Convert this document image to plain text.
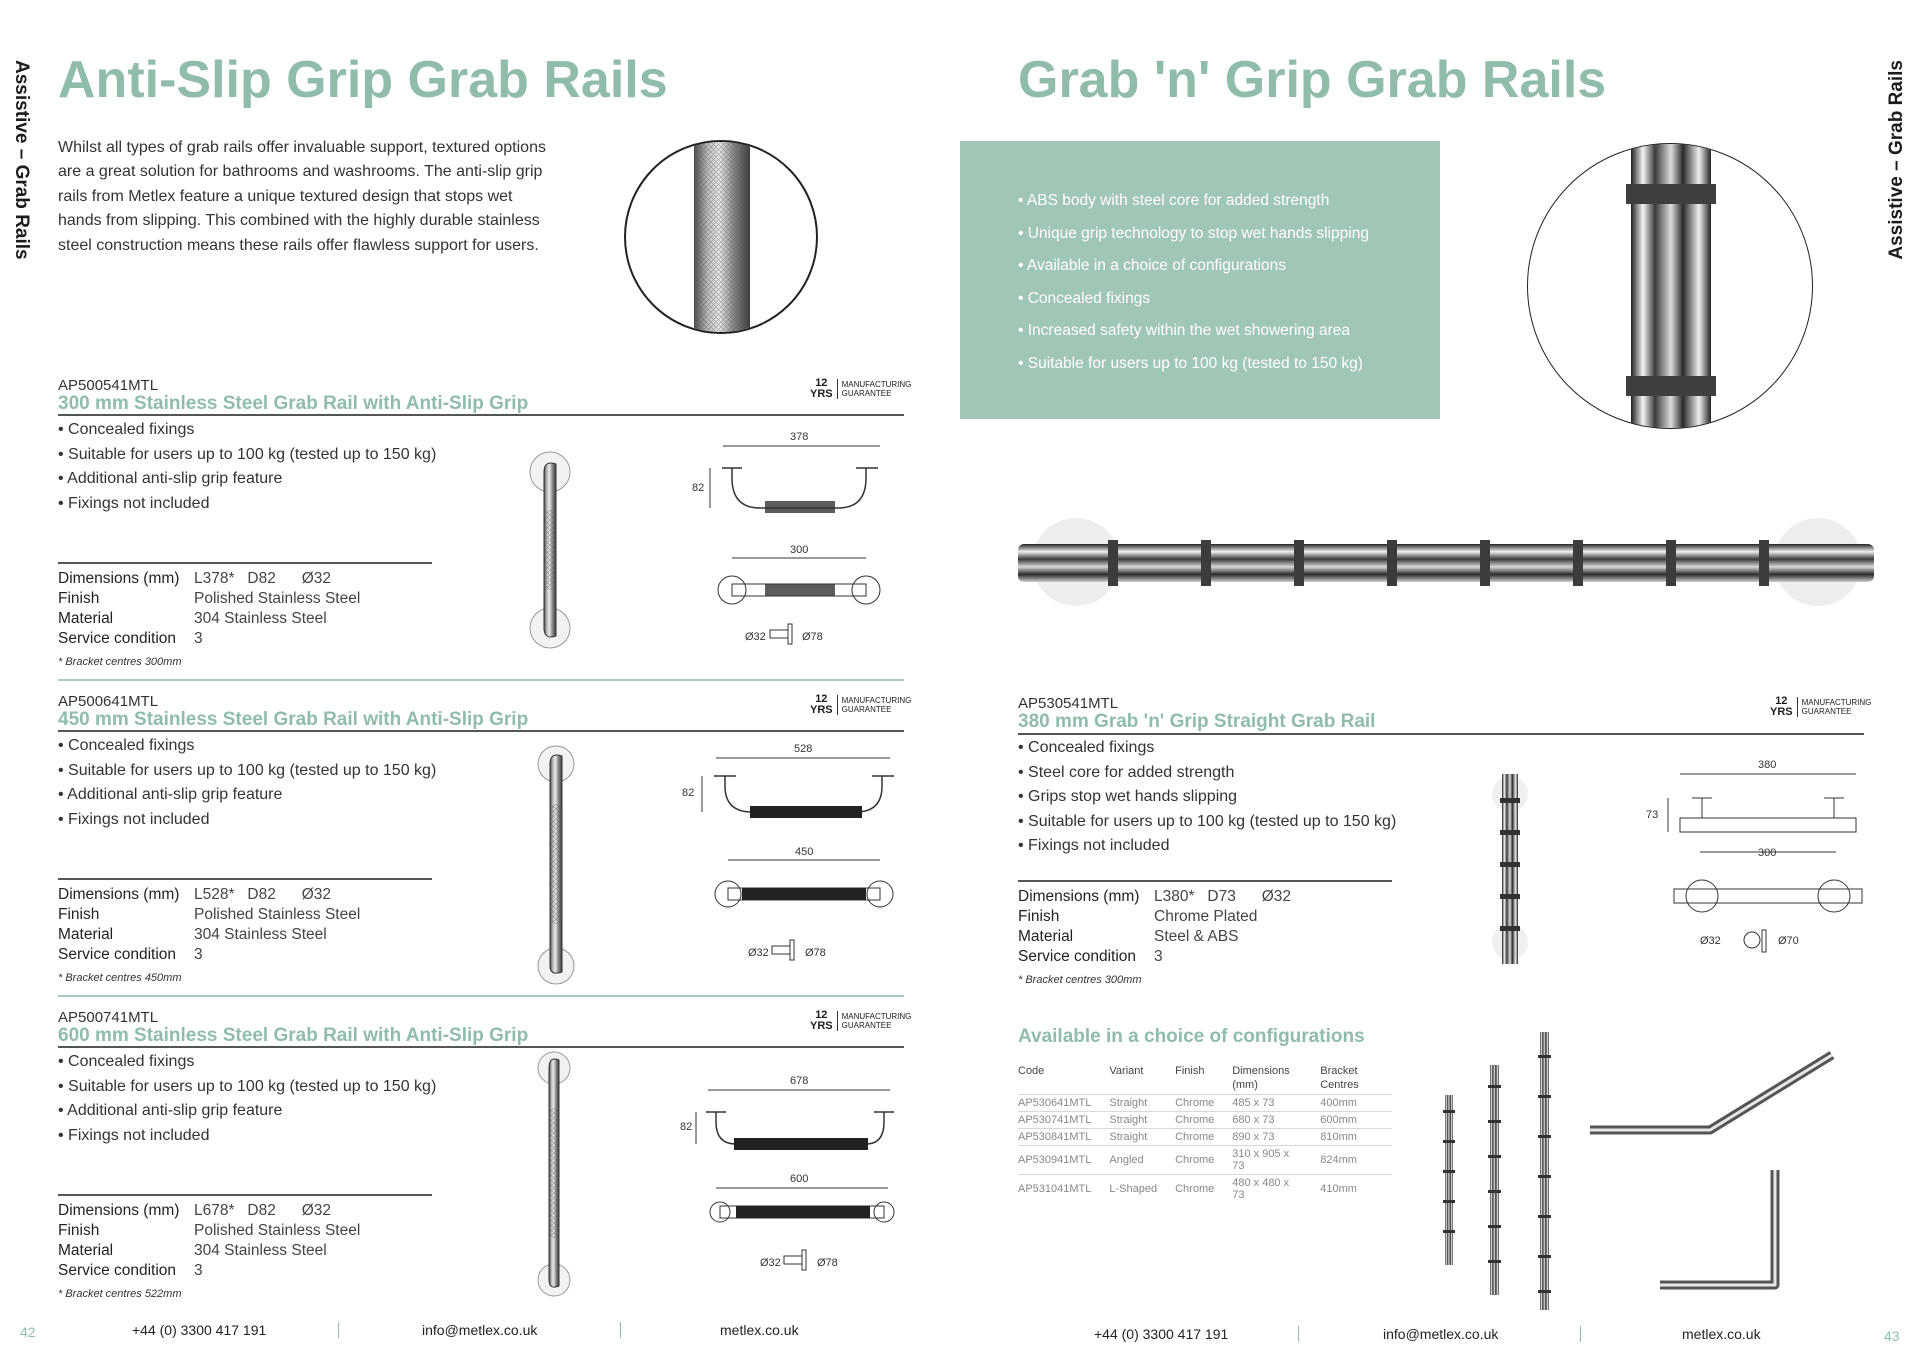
Assistive – Grab Rails Anti-Slip Grip Grab Rails
Whilst all types of grab rails offer invaluable support, textured options are a great solution for bathrooms and washrooms. The anti-slip grip rails from Metlex feature a unique textured design that stops wet hands from slipping. This combined with the highly durable stainless steel construction means these rails offer flawless support for users.
AP500541MTL
300 mm Stainless Steel Grab Rail with Anti-Slip Grip
12
YRS
MANUFACTURING
GUARANTEE
• Concealed fixings
• Suitable for users up to 100 kg (tested up to 150 kg)
• Additional anti-slip grip feature
• Fixings not included
Dimensions (mm) L378*   D82      Ø32
Finish	Polished Stainless Steel
Material	304 Stainless Steel
Service condition	3
* Bracket centres 300mm
AP500641MTL
450 mm Stainless Steel Grab Rail with Anti-Slip Grip
12
YRS
MANUFACTURING
GUARANTEE
• Concealed fixings
• Suitable for users up to 100 kg (tested up to 150 kg)
• Additional anti-slip grip feature
• Fixings not included
Dimensions (mm) L528*   D82      Ø32
Finish	Polished Stainless Steel
Material	304 Stainless Steel
Service condition	3
* Bracket centres 450mm
AP500741MTL
600 mm Stainless Steel Grab Rail with Anti-Slip Grip
12
YRS
MANUFACTURING
GUARANTEE
• Concealed fixings
• Suitable for users up to 100 kg (tested up to 150 kg)
• Additional anti-slip grip feature
• Fixings not included
Dimensions (mm) L678*   D82      Ø32
Finish	Polished Stainless Steel
Material	304 Stainless Steel
Service condition	3
* Bracket centres 522mm
378
82
300
Ø32	Ø78
528
82
450
Ø32	Ø78
678
82
600
Ø32	Ø78
42	+44 (0) 3300 417 191	info@metlex.co.uk	metlex.co.uk
Assistive – Grab Rails
Grab 'n' Grip Grab Rails
• ABS body with steel core for added strength
• Unique grip technology to stop wet hands slipping
• Available in a choice of configurations
• Concealed fixings
• Increased safety within the wet showering area
• Suitable for users up to 100 kg (tested to 150 kg)
AP530541MTL
380 mm Grab 'n' Grip Straight Grab Rail
12
YRS
MANUFACTURING
GUARANTEE
• Concealed fixings
• Steel core for added strength
• Grips stop wet hands slipping
• Suitable for users up to 100 kg (tested up to 150 kg)
• Fixings not included
Dimensions (mm) L380*   D73      Ø32
Finish	Chrome Plated
Material	Steel & ABS
Service condition	3
* Bracket centres 300mm
380
73
300
Ø32	Ø70
Available in a choice of configurations
Code	Variant	Finish	Dimensions (mm)	Bracket Centres
AP530641MTL	Straight	Chrome	485 x 73	400mm
AP530741MTL	Straight	Chrome	680 x 73	600mm
AP530841MTL	Straight	Chrome	890 x 73	810mm
AP530941MTL	Angled	Chrome	310 x 905 x 73	824mm
AP531041MTL	L-Shaped	Chrome	480 x 480 x 73	410mm
+44 (0) 3300 417 191	info@metlex.co.uk	metlex.co.uk	43
